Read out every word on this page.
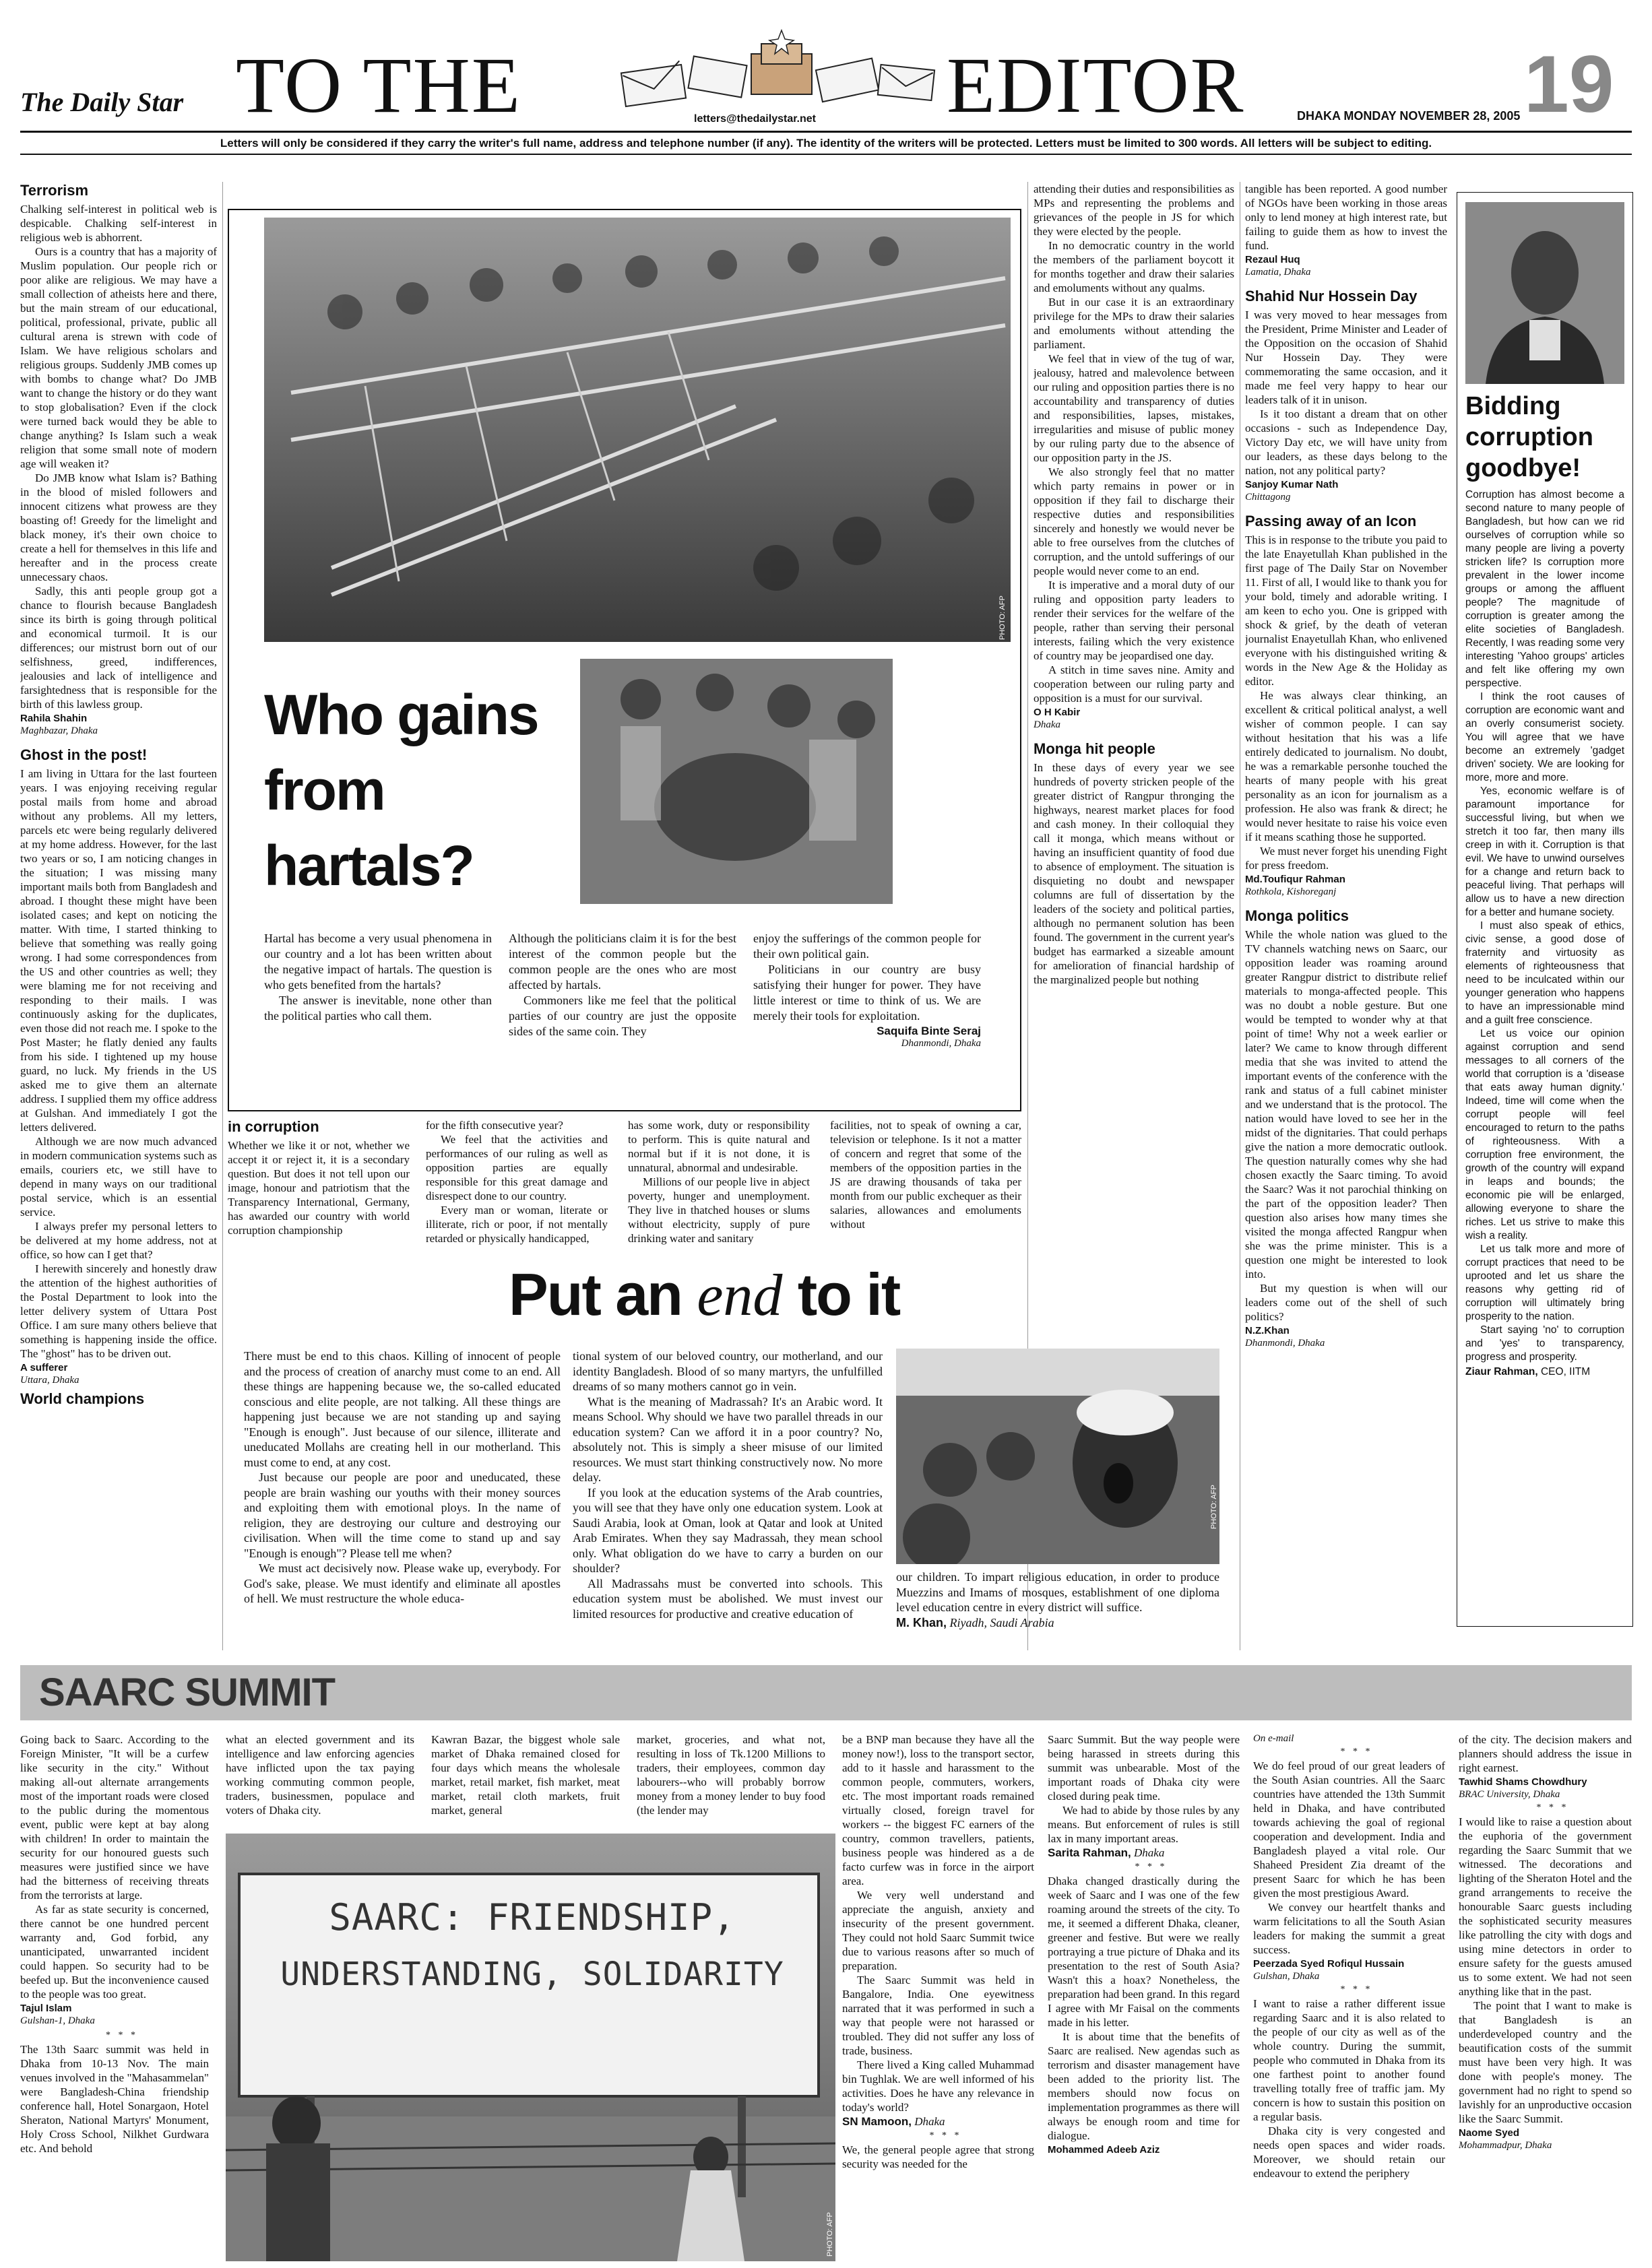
The Daily Star TO THE	letters@thedailystar.net EDITOR	DHAKA MONDAY NOVEMBER 28, 2005 19
Letters will only be considered if they carry the writer's full name, address and telephone number (if any). The identity of the writers will be protected. Letters must be limited to 300 words. All letters will be subject to editing.
Terrorism

Chalking self-interest in political web is despicable. Chalking self-interest in religious web is abhorrent.

Ours is a country that has a majority of Muslim population. Our people rich or poor alike are religious. We may have a small collection of atheists here and there, but the main stream of our educational, political, professional, private, public all cultural arena is strewn with code of Islam. We have religious scholars and religious groups. Suddenly JMB comes up with bombs to change what? Do JMB want to change the history or do they want to stop globalisation? Even if the clock were turned back would they be able to change anything? Is Islam such a weak religion that some small note of modern age will weaken it?

Do JMB know what Islam is? Bathing in the blood of misled followers and innocent citizens what prowess are they boasting of! Greedy for the limelight and black money, it's their own choice to create a hell for themselves in this life and hereafter and in the process create unnecessary chaos.

Sadly, this anti people group got a chance to flourish because Bangladesh since its birth is going through political and economical turmoil. It is our differences; our mistrust born out of our selfishness, greed, indifferences, jealousies and lack of intelligence and farsightedness that is responsible for the birth of this lawless group.

Rahila Shahin

Maghbazar, Dhaka

Ghost in the post!

I am living in Uttara for the last fourteen years. I was enjoying receiving regular postal mails from home and abroad without any problems. All my letters, parcels etc were being regularly delivered at my home address. However, for the last two years or so, I am noticing changes in the situation; I was missing many important mails both from Bangladesh and abroad. I thought these might have been isolated cases; and kept on noticing the matter. With time, I started thinking to believe that something was really going wrong. I had some correspondences from the US and other countries as well; they were blaming me for not receiving and responding to their mails. I was continuously asking for the duplicates, even those did not reach me. I spoke to the Post Master; he flatly denied any faults from his side. I tightened up my house guard, no luck. My friends in the US asked me to give them an alternate address. I supplied them my office address at Gulshan. And immediately I got the letters delivered.

Although we are now much advanced in modern communication systems such as emails, couriers etc, we still have to depend in many ways on our traditional postal service, which is an essential service.

I always prefer my personal letters to be delivered at my home address, not at office, so how can I get that?

I herewith sincerely and honestly draw the attention of the highest authorities of the Postal Department to look into the letter delivery system of Uttara Post Office. I am sure many others believe that something is happening inside the office. The "ghost" has to be driven out.

A sufferer

Uttara, Dhaka

World champions
PHOTO: AFP
Who gains from hartals?

Hartal has become a very usual phenomena in our country and a lot has been written about the negative impact of hartals. The question is who gets benefited from the hartals?

The answer is inevitable, none other than the political parties who call them.

Although the politicians claim it is for the best interest of the common people but the common people are the ones who are most affected by hartals.

Commoners like me feel that the political parties of our country are just the opposite sides of the same coin. They

enjoy the sufferings of the common people for their own political gain.

Politicians in our country are busy satisfying their hunger for power. They have little interest or time to think of us. We are merely their tools for exploitation.

Saquifa Binte Seraj

Dhanmondi, Dhaka

in corruption

Whether we like it or not, whether we accept it or reject it, it is a secondary question. But does it not tell upon our image, honour and patriotism that the Transparency International, Germany, has awarded our country with world corruption championship

for the fifth consecutive year?

We feel that the activities and performances of our ruling as well as opposition parties are equally responsible for this great damage and disrespect done to our country.

Every man or woman, literate or illiterate, rich or poor, if not mentally retarded or physically handicapped,

has some work, duty or responsibility to perform. This is quite natural and normal but if it is not done, it is unnatural, abnormal and undesirable.

Millions of our people live in abject poverty, hunger and unemployment. They live in thatched houses or slums without electricity, supply of pure drinking water and sanitary

facilities, not to speak of owning a car, television or telephone. Is it not a matter of concern and regret that some of the members of the opposition parties in the JS are drawing thousands of taka per month from our public exchequer as their salaries, allowances and emoluments without

attending their duties and responsibilities as MPs and representing the problems and grievances of the people in JS for which they were elected by the people.

In no democratic country in the world the members of the parliament boycott it for months together and draw their salaries and emoluments without any qualms.

But in our case it is an extraordinary privilege for the MPs to draw their salaries and emoluments without attending the parliament.

We feel that in view of the tug of war, jealousy, hatred and malevolence between our ruling and opposition parties there is no accountability and transparency of duties and responsibilities, lapses, mistakes, irregularities and misuse of public money by our ruling party due to the absence of our opposition party in the JS.

We also strongly feel that no matter which party remains in power or in opposition if they fail to discharge their respective duties and responsibilities sincerely and honestly we would never be able to free ourselves from the clutches of corruption, and the untold sufferings of our people would never come to an end.

It is imperative and a moral duty of our ruling and opposition party leaders to render their services for the welfare of the people, rather than serving their personal interests, failing which the very existence of country may be jeopardised one day.

A stitch in time saves nine. Amity and cooperation between our ruling party and opposition is a must for our survival.

O H Kabir

Dhaka

Monga hit people

In these days of every year we see hundreds of poverty stricken people of the greater district of Rangpur thronging the highways, nearest market places for food and cash money. In their colloquial they call it monga, which means without or having an insufficient quantity of food due to absence of employment. The situation is disquieting no doubt and newspaper columns are full of dissertation by the leaders of the society and political parties, although no permanent solution has been found. The government in the current year's budget has earmarked a sizeable amount for amelioration of financial hardship of the marginalized people but nothing

tangible has been reported. A good number of NGOs have been working in those areas only to lend money at high interest rate, but failing to guide them as how to invest the fund.

Rezaul Huq

Lamatia, Dhaka

Shahid Nur Hossein Day

I was very moved to hear messages from the President, Prime Minister and Leader of the Opposition on the occasion of Shahid Nur Hossein Day. They were commemorating the same occasion, and it made me feel very happy to hear our leaders talk of it in unison.

Is it too distant a dream that on other occasions - such as Independence Day, Victory Day etc, we will have unity from our leaders, as these days belong to the nation, not any political party?

Sanjoy Kumar Nath

Chittagong

Passing away of an Icon

This is in response to the tribute you paid to the late Enayetullah Khan published in the first page of The Daily Star on November 11. First of all, I would like to thank you for your bold, timely and adorable writing. I am keen to echo you. One is gripped with shock & grief, by the death of veteran journalist Enayetullah Khan, who enlivened everyone with his distinguished writing & words in the New Age & the Holiday as editor.

He was always clear thinking, an excellent & critical political analyst, a well wisher of common people. I can say without hesitation that his was a life entirely dedicated to journalism. No doubt, he was a remarkable personhe touched the hearts of many people with his great personality as an icon for journalism as a profession. He also was frank & direct; he would never hesitate to raise his voice even if it means scathing those he supported.

We must never forget his unending Fight for press freedom.

Md.Toufiqur Rahman

Rothkola, Kishoreganj

Monga politics

While the whole nation was glued to the TV channels watching news on Saarc, our opposition leader was roaming around greater Rangpur district to distribute relief materials to monga-affected people. This was no doubt a noble gesture. But one would be tempted to wonder why at that point of time! Why not a week earlier or later? We came to know through different media that she was invited to attend the important events of the conference with the rank and status of a full cabinet minister and we understand that is the protocol. The nation would have loved to see her in the midst of the dignitaries. That could perhaps give the nation a more democratic outlook. The question naturally comes why she had chosen exactly the Saarc timing. To avoid the Saarc? Was it not parochial thinking on the part of the opposition leader? Then question also arises how many times she visited the monga affected Rangpur when she was the prime minister. This is a question one might be interested to look into.

But my question is when will our leaders come out of the shell of such politics?

N.Z.Khan

Dhanmondi, Dhaka

Bidding corruption goodbye!

Corruption has almost become a second nature to many people of Bangladesh, but how can we rid ourselves of corruption while so many people are living a poverty stricken life? Is corruption more prevalent in the lower income groups or among the affluent people? The magnitude of corruption is greater among the elite societies of Bangladesh. Recently, I was reading some very interesting 'Yahoo groups' articles and felt like offering my own perspective.

I think the root causes of corruption are economic want and an overly consumerist society. You will agree that we have become an extremely 'gadget driven' society. We are looking for more, more and more.

Yes, economic welfare is of paramount importance for successful living, but when we stretch it too far, then many ills creep in with it. Corruption is that evil. We have to unwind ourselves for a change and return back to peaceful living. That perhaps will allow us to have a new direction for a better and humane society.

I must also speak of ethics, civic sense, a good dose of fraternity and virtuosity as elements of righteousness that need to be inculcated within our younger generation who happens to have an impressionable mind and a guilt free conscience.

Let us voice our opinion against corruption and send messages to all corners of the world that corruption is a 'disease that eats away human dignity.' Indeed, time will come when the corrupt people will feel encouraged to return to the paths of righteousness. With a corruption free environment, the growth of the country will expand in leaps and bounds; the economic pie will be enlarged, allowing everyone to share the riches. Let us strive to make this wish a reality.

Let us talk more and more of corrupt practices that need to be uprooted and let us share the reasons why getting rid of corruption will ultimately bring prosperity to the nation.

Start saying 'no' to corruption and 'yes' to transparency, progress and prosperity.

Ziaur Rahman, CEO, IITM

Put an end to it
PHOTO: AFP

There must be end to this chaos. Killing of innocent of people and the process of creation of anarchy must come to an end. All these things are happening because we, the so-called educated conscious and elite people, are not talking. All these things are happening just because we are not standing up and saying "Enough is enough". Just because of our silence, illiterate and uneducated Mollahs are creating hell in our motherland. This must come to end, at any cost.

Just because our people are poor and uneducated, these people are brain washing our youths with their money sources and exploiting them with emotional ploys. In the name of religion, they are destroying our culture and destroying our civilisation. When will the time come to stand up and say "Enough is enough"? Please tell me when?

We must act decisively now. Please wake up, everybody. For God's sake, please. We must identify and eliminate all apostles of hell. We must restructure the whole educa-

tional system of our beloved country, our motherland, and our identity Bangladesh. Blood of so many martyrs, the unfulfilled dreams of so many mothers cannot go in vein.

What is the meaning of Madrassah? It's an Arabic word. It means School. Why should we have two parallel threads in our education system? Can we afford it in a poor country? No, absolutely not. This is simply a sheer misuse of our limited resources. We must start thinking constructively now. No more delay.

If you look at the education systems of the Arab countries, you will see that they have only one education system. Look at Saudi Arabia, look at Oman, look at Qatar and look at United Arab Emirates. When they say Madrassah, they mean school only. What obligation do we have to carry a burden on our shoulder?

All Madrassahs must be converted into schools. This education system must be abolished. We must invest our limited resources for productive and creative education of

our children. To impart religious education, in order to produce Muezzins and Imams of mosques, establishment of one diploma level education centre in every district will suffice.

M. Khan, Riyadh, Saudi Arabia

SAARC SUMMIT

Going back to Saarc. According to the Foreign Minister, "It will be a curfew like security in the city." Without making all-out alternate arrangements most of the important roads were closed to the public during the momentous event, public were kept at bay along with children! In order to maintain the security for our honoured guests such measures were justified since we have had the bitterness of receiving threats from the terrorists at large.

As far as state security is concerned, there cannot be one hundred percent warranty and, God forbid, any unanticipated, unwarranted incident could happen. So security had to be beefed up. But the inconvenience caused to the people was too great.

Tajul Islam

Gulshan-1, Dhaka

* * *

The 13th Saarc summit was held in Dhaka from 10-13 Nov. The main venues involved in the "Mahasammelan" were Bangladesh-China friendship conference hall, Hotel Sonargaon, Hotel Sheraton, National Martyrs' Monument, Holy Cross School, Nilkhet Gurdwara etc. And behold

what an elected government and its intelligence and law enforcing agencies have inflicted upon the tax paying working commuting common people, traders, businessmen, populace and voters of Dhaka city.

Kawran Bazar, the biggest whole sale market of Dhaka remained closed for four days which means the wholesale market, retail market, fish market, meat market, retail cloth markets, fruit market, general

market, groceries, and what not, resulting in loss of Tk.1200 Millions to traders, their employees, common day labourers--who will probably borrow money from a money lender to buy food (the lender may

SAARC: FRIENDSHIP,
UNDERSTANDING, SOLIDARITY
PHOTO: AFP

be a BNP man because they have all the money now!), loss to the transport sector, add to it hassle and harassment to the common people, commuters, workers, etc. The most important roads remained virtually closed, foreign travel for workers -- the biggest FC earners of the country, common travellers, patients, business people was hindered as a de facto curfew was in force in the airport area.

We very well understand and appreciate the anguish, anxiety and insecurity of the present government. They could not hold Saarc Summit twice due to various reasons after so much of preparation.

The Saarc Summit was held in Bangalore, India. One eyewitness narrated that it was performed in such a way that people were not harassed or troubled. They did not suffer any loss of trade, business.

There lived a King called Muhammad bin Tughlak. We are well informed of his activities. Does he have any relevance in today's world?

SN Mamoon, Dhaka

* * *

We, the general people agree that strong security was needed for the

Saarc Summit. But the way people were being harassed in streets during this summit was unbearable. Most of the important roads of Dhaka city were closed during peak time.

We had to abide by those rules by any means. But enforcement of rules is still lax in many important areas.

Sarita Rahman, Dhaka

* * *

Dhaka changed drastically during the week of Saarc and I was one of the few roaming around the streets of the city. To me, it seemed a different Dhaka, cleaner, greener and festive. But were we really portraying a true picture of Dhaka and its presentation to the rest of South Asia? Wasn't this a hoax? Nonetheless, the preparation had been grand. In this regard I agree with Mr Faisal on the comments made in his letter.

It is about time that the benefits of Saarc are realised. New agendas such as terrorism and disaster management have been added to the priority list. The members should now focus on implementation programmes as there will always be enough room and time for dialogue.

Mohammed Adeeb Aziz

On e-mail

* * *

We do feel proud of our great leaders of the South Asian countries. All the Saarc countries have attended the 13th Summit held in Dhaka, and have contributed towards achieving the goal of regional cooperation and development. India and Bangladesh played a vital role. Our Shaheed President Zia dreamt of the present Saarc for which he has been given the most prestigious Award.

We convey our heartfelt thanks and warm felicitations to all the South Asian leaders for making the summit a great success.

Peerzada Syed Rofiqul Hussain

Gulshan, Dhaka

* * *

I want to raise a rather different issue regarding Saarc and it is also related to the people of our city as well as of the whole country. During the summit, people who commuted in Dhaka from its one farthest point to another found travelling totally free of traffic jam. My concern is how to sustain this position on a regular basis.

Dhaka city is very congested and needs open spaces and wider roads. Moreover, we should retain our endeavour to extend the periphery

of the city. The decision makers and planners should address the issue in right earnest.

Tawhid Shams Chowdhury

BRAC University, Dhaka

* * *

I would like to raise a question about the euphoria of the government regarding the Saarc Summit that we witnessed. The decorations and lighting of the Sheraton Hotel and the grand arrangements to receive the honourable Saarc guests including the sophisticated security measures like patrolling the city with dogs and using mine detectors in order to ensure safety for the guests amused us to some extent. We had not seen anything like that in the past.

The point that I want to make is that Bangladesh is an underdeveloped country and the beautification costs of the summit must have been very high. It was done with people's money. The government had no right to spend so lavishly for an unproductive occasion like the Saarc Summit.

Naome Syed

Mohammadpur, Dhaka
